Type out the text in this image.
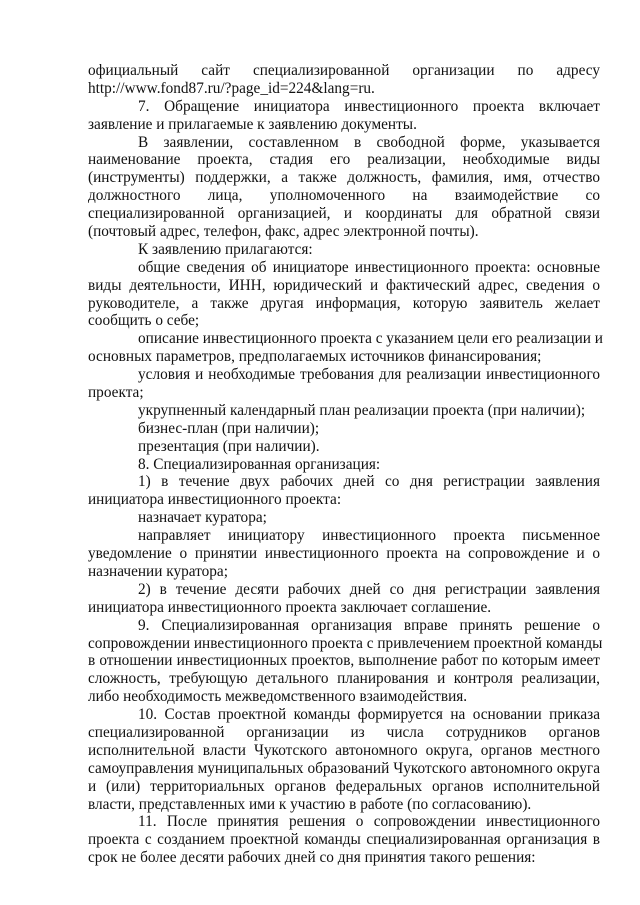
официальный сайт специализированной организации по адресу
http://www.fond87.ru/?page_id=224&lang=ru.
7. Обращение инициатора инвестиционного проекта включает
заявление и прилагаемые к заявлению документы.
В заявлении, составленном в свободной форме, указывается
наименование проекта, стадия его реализации, необходимые виды
(инструменты) поддержки, а также должность, фамилия, имя, отчество
должностного лица, уполномоченного на взаимодействие со
специализированной организацией, и координаты для обратной связи
(почтовый адрес, телефон, факс, адрес электронной почты).
К заявлению прилагаются:
общие сведения об инициаторе инвестиционного проекта: основные
виды деятельности, ИНН, юридический и фактический адрес, сведения о
руководителе, а также другая информация, которую заявитель желает
сообщить о себе;
описание инвестиционного проекта с указанием цели его реализации и
основных параметров, предполагаемых источников финансирования;
условия и необходимые требования для реализации инвестиционного
проекта;
укрупненный календарный план реализации проекта (при наличии);
бизнес-план (при наличии);
презентация (при наличии).
8. Специализированная организация:
1) в течение двух рабочих дней со дня регистрации заявления
инициатора инвестиционного проекта:
назначает куратора;
направляет инициатору инвестиционного проекта письменное
уведомление о принятии инвестиционного проекта на сопровождение и о
назначении куратора;
2) в течение десяти рабочих дней со дня регистрации заявления
инициатора инвестиционного проекта заключает соглашение.
9. Специализированная организация вправе принять решение о
сопровождении инвестиционного проекта с привлечением проектной команды
в отношении инвестиционных проектов, выполнение работ по которым имеет
сложность, требующую детального планирования и контроля реализации,
либо необходимость межведомственного взаимодействия.
10. Состав проектной команды формируется на основании приказа
специализированной организации из числа сотрудников органов
исполнительной власти Чукотского автономного округа, органов местного
самоуправления муниципальных образований Чукотского автономного округа
и (или) территориальных органов федеральных органов исполнительной
власти, представленных ими к участию в работе (по согласованию).
11. После принятия решения о сопровождении инвестиционного
проекта с созданием проектной команды специализированная организация в
срок не более десяти рабочих дней со дня принятия такого решения:
